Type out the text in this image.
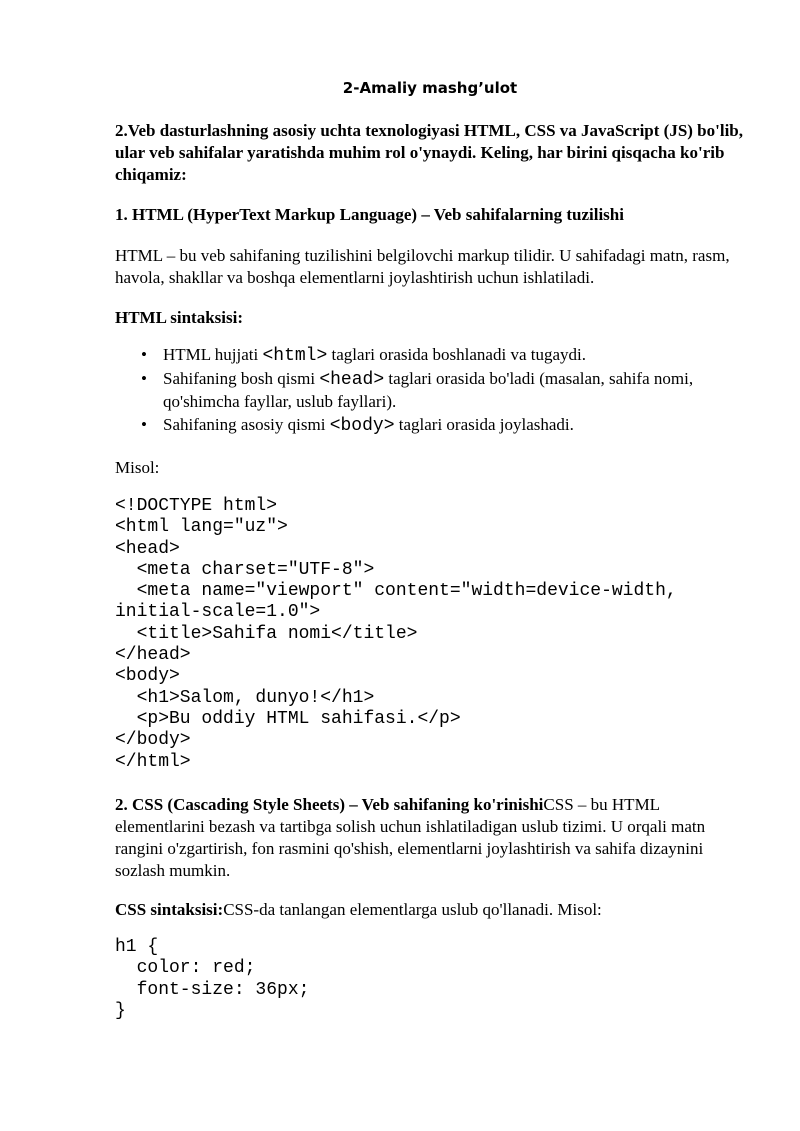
2-Amaliy mashg’ulot

2.Veb dasturlashning asosiy uchta texnologiyasi HTML, CSS va JavaScript (JS) bo'lib, ular veb sahifalar yaratishda muhim rol o'ynaydi. Keling, har birini qisqacha ko'rib chiqamiz:

1. HTML (HyperText Markup Language) – Veb sahifalarning tuzilishi

HTML – bu veb sahifaning tuzilishini belgilovchi markup tilidir. U sahifadagi matn, rasm, havola, shakllar va boshqa elementlarni joylashtirish uchun ishlatiladi.

HTML sintaksisi:

• HTML hujjati <html> taglari orasida boshlanadi va tugaydi.
• Sahifaning bosh qismi <head> taglari orasida bo'ladi (masalan, sahifa nomi, qo'shimcha fayllar, uslub fayllari).
• Sahifaning asosiy qismi <body> taglari orasida joylashadi.

Misol:

<!DOCTYPE html>
<html lang="uz">
<head>
<meta charset="UTF-8">
<meta name="viewport" content="width=device-width,
initial-scale=1.0">
<title>Sahifa nomi</title>
</head>
<body>
<h1>Salom, dunyo!</h1>
<p>Bu oddiy HTML sahifasi.</p>
</body>
</html>

2. CSS (Cascading Style Sheets) – Veb sahifaning ko'rinishiCSS – bu HTML elementlarini bezash va tartibga solish uchun ishlatiladigan uslub tizimi. U orqali matn rangini o'zgartirish, fon rasmini qo'shish, elementlarni joylashtirish va sahifa dizaynini sozlash mumkin.

CSS sintaksisi:CSS-da tanlangan elementlarga uslub qo'llanadi. Misol:

h1 {
color: red;
font-size: 36px;
}
